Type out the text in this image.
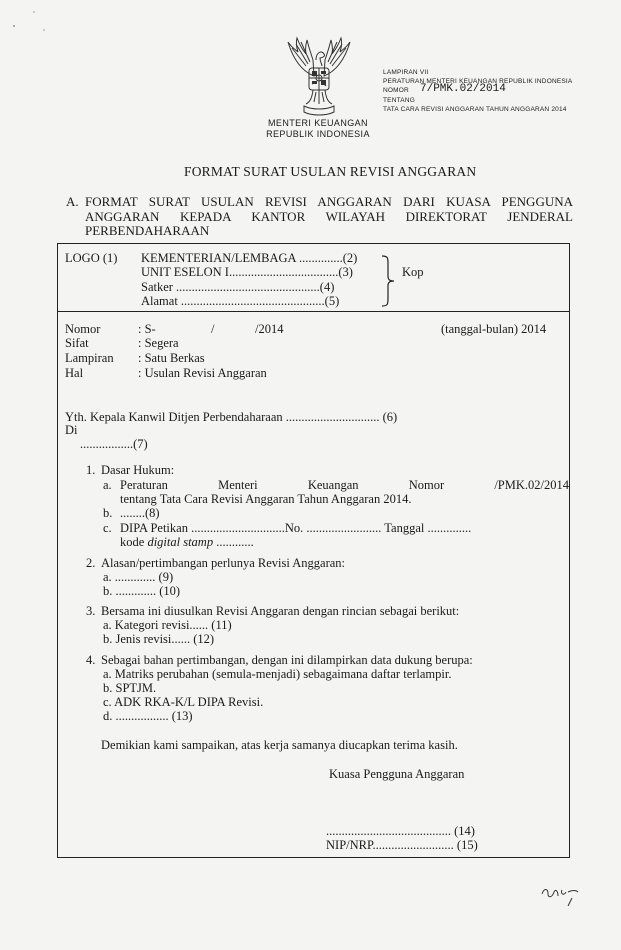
MENTERI KEUANGAN
REPUBLIK INDONESIA
LAMPIRAN VII
PERATURAN MENTERI KEUANGAN REPUBLIK INDONESIA
NOMOR 7/PMK.02/2014
TENTANG
TATA CARA REVISI ANGGARAN TAHUN ANGGARAN 2014
FORMAT SURAT USULAN REVISI ANGGARAN
A. FORMAT SURAT USULAN REVISI ANGGARAN DARI KUASA PENGGUNA
ANGGARAN KEPADA KANTOR WILAYAH DIREKTORAT JENDERAL
PERBENDAHARAAN
LOGO (1) KEMENTERIAN/LEMBAGA ..............(2)
UNIT ESELON I...................................(3)
Satker ..............................................(4)
Alamat ..............................................(5)
Kop
Nomor	: S-	/	/2014	(tanggal-bulan) 2014
Sifat	: Segera
Lampiran : Satu Berkas
Hal	: Usulan Revisi Anggaran
Yth. Kepala Kanwil Ditjen Perbendaharaan .............................. (6)
Di
.................(7)
1. Dasar Hukum:
a. Peraturan Menteri Keuangan Nomor /PMK.02/2014
tentang Tata Cara Revisi Anggaran Tahun Anggaran 2014.
b. ........(8)
c. DIPA Petikan ..............................No. ........................ Tanggal ..............
kode digital stamp ............
2. Alasan/pertimbangan perlunya Revisi Anggaran:
a. ............. (9)
b. ............. (10)
3. Bersama ini diusulkan Revisi Anggaran dengan rincian sebagai berikut:
a. Kategori revisi...... (11)
b. Jenis revisi...... (12)
4. Sebagai bahan pertimbangan, dengan ini dilampirkan data dukung berupa:
a. Matriks perubahan (semula-menjadi) sebagaimana daftar terlampir.
b. SPTJM.
c. ADK RKA-K/L DIPA Revisi.
d. ................. (13)
Demikian kami sampaikan, atas kerja samanya diucapkan terima kasih.
Kuasa Pengguna Anggaran
........................................ (14)
NIP/NRP.......................... (15)
